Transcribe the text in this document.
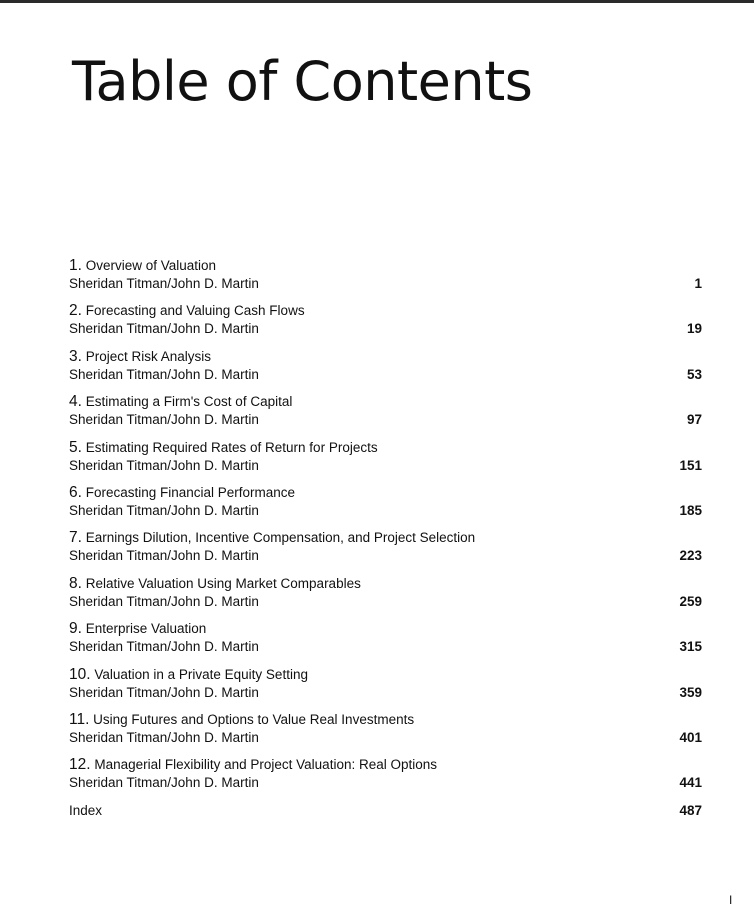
Table of Contents
1. Overview of Valuation
Sheridan Titman/John D. Martin	1
2. Forecasting and Valuing Cash Flows
Sheridan Titman/John D. Martin	19
3. Project Risk Analysis
Sheridan Titman/John D. Martin	53
4. Estimating a Firm's Cost of Capital
Sheridan Titman/John D. Martin	97
5. Estimating Required Rates of Return for Projects
Sheridan Titman/John D. Martin	151
6. Forecasting Financial Performance
Sheridan Titman/John D. Martin	185
7. Earnings Dilution, Incentive Compensation, and Project Selection
Sheridan Titman/John D. Martin	223
8. Relative Valuation Using Market Comparables
Sheridan Titman/John D. Martin	259
9. Enterprise Valuation
Sheridan Titman/John D. Martin	315
10. Valuation in a Private Equity Setting
Sheridan Titman/John D. Martin	359
11. Using Futures and Options to Value Real Investments
Sheridan Titman/John D. Martin	401
12. Managerial Flexibility and Project Valuation: Real Options
Sheridan Titman/John D. Martin	441
Index	487
I
